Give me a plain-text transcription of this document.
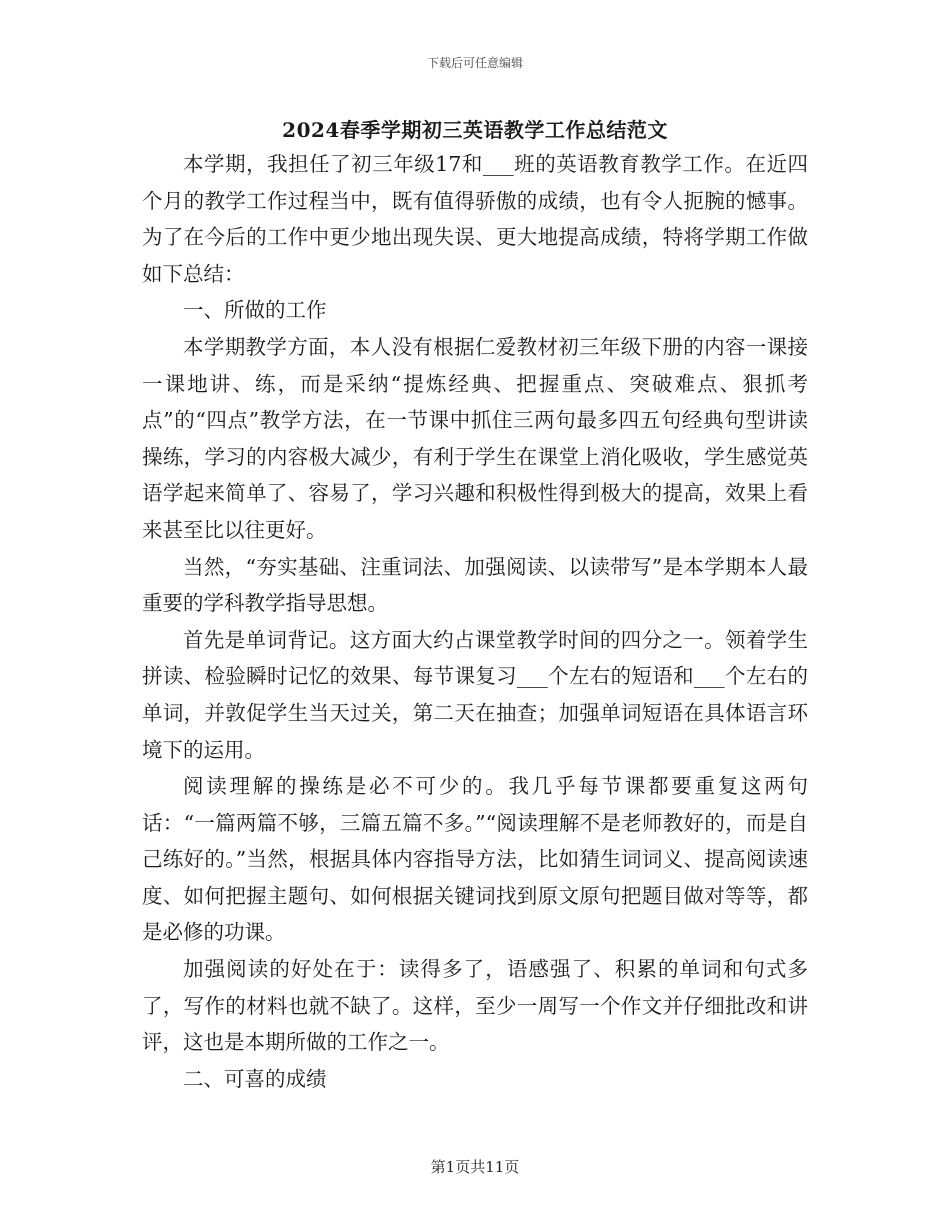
下载后可任意编辑
2024春季学期初三英语教学工作总结范文

本学期，我担任了初三年级17和___班的英语教育教学工作。在近四个月的教学工作过程当中，既有值得骄傲的成绩，也有令人扼腕的憾事。为了在今后的工作中更少地出现失误、更大地提高成绩，特将学期工作做如下总结：

一、所做的工作

本学期教学方面，本人没有根据仁爱教材初三年级下册的内容一课接一课地讲、练，而是采纳“提炼经典、把握重点、突破难点、狠抓考点”的“四点”教学方法，在一节课中抓住三两句最多四五句经典句型讲读操练，学习的内容极大减少，有利于学生在课堂上消化吸收，学生感觉英语学起来简单了、容易了，学习兴趣和积极性得到极大的提高，效果上看来甚至比以往更好。

当然，“夯实基础、注重词法、加强阅读、以读带写”是本学期本人最重要的学科教学指导思想。

首先是单词背记。这方面大约占课堂教学时间的四分之一。领着学生拼读、检验瞬时记忆的效果、每节课复习___个左右的短语和___个左右的单词，并敦促学生当天过关，第二天在抽查；加强单词短语在具体语言环境下的运用。

阅读理解的操练是必不可少的。我几乎每节课都要重复这两句话：“一篇两篇不够，三篇五篇不多。”“阅读理解不是老师教好的，而是自己练好的。”当然，根据具体内容指导方法，比如猜生词词义、提高阅读速度、如何把握主题句、如何根据关键词找到原文原句把题目做对等等，都是必修的功课。

加强阅读的好处在于：读得多了，语感强了、积累的单词和句式多了，写作的材料也就不缺了。这样，至少一周写一个作文并仔细批改和讲评，这也是本期所做的工作之一。

二、可喜的成绩

第1页共11页
